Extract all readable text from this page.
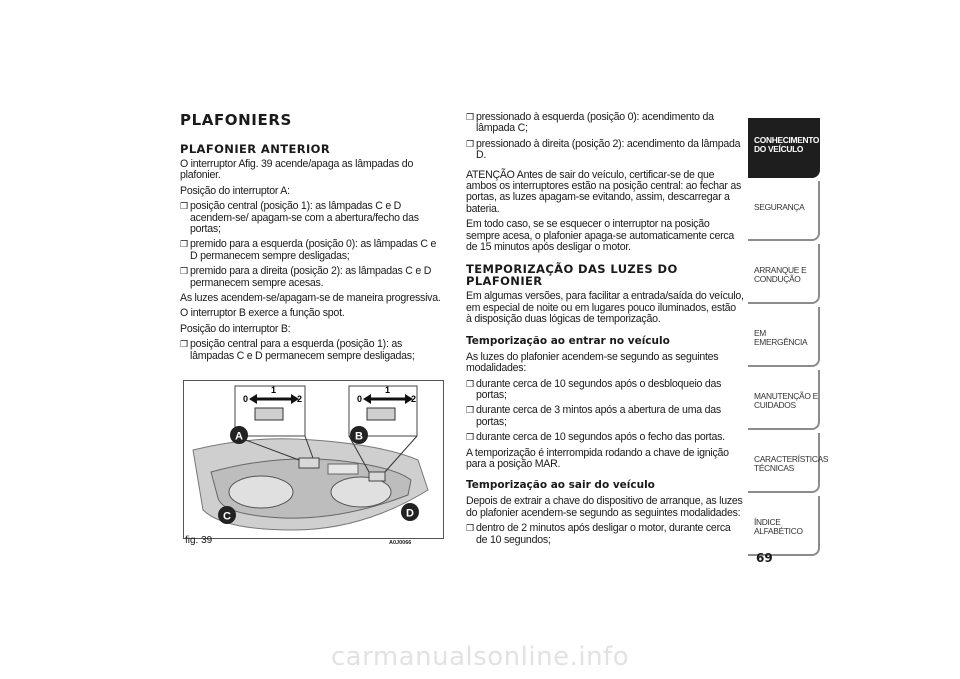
PLAFONIERS
PLAFONIER ANTERIOR

O interruptor Afig. 39 acende/apaga as lâmpadas do plafonier.

Posição do interruptor A:

❒ posição central (posição 1): as lâmpadas C e D acendem-se/ apagam-se com a abertura/fecho das portas;

❒ premido para a esquerda (posição 0): as lâmpadas C e D permanecem sempre desligadas;

❒ premido para a direita (posição 2): as lâmpadas C e D permanecem sempre acesas.

As luzes acendem-se/apagam-se de maneira progressiva.

O interruptor B exerce a função spot.

Posição do interruptor B:

❒ posição central para a esquerda (posição 1): as lâmpadas C e D permanecem sempre desligadas;

0
1
2	0
1
2
A	B
C	D
fig. 39	A0J0066

❒ pressionado à esquerda (posição 0): acendimento da lâmpada C;

❒ pressionado à direita (posição 2): acendimento da lâmpada D.

ATENÇÃO Antes de sair do veículo, certificar-se de que ambos os interruptores estão na posição central: ao fechar as portas, as luzes apagam-se evitando, assim, descarregar a bateria.

Em todo caso, se se esquecer o interruptor na posição sempre acesa, o plafonier apaga-se automaticamente cerca de 15 minutos após desligar o motor.

TEMPORIZAÇÃO DAS LUZES DO PLAFONIER

Em algumas versões, para facilitar a entrada/saída do veículo, em especial de noite ou em lugares pouco iluminados, estão à disposição duas lógicas de temporização.

Temporização ao entrar no veículo

As luzes do plafonier acendem-se segundo as seguintes modalidades:

❒ durante cerca de 10 segundos após o desbloqueio das portas;

❒ durante cerca de 3 mintos após a abertura de uma das portas;

❒ durante cerca de 10 segundos após o fecho das portas.

A temporização é interrompida rodando a chave de ignição para a posição MAR.

Temporização ao sair do veículo

Depois de extrair a chave do dispositivo de arranque, as luzes do plafonier acendem-se segundo as seguintes modalidades:

❒ dentro de 2 minutos após desligar o motor, durante cerca de 10 segundos;

CONHECIMENTO DO VEÍCULO
SEGURANÇA
ARRANQUE E CONDUÇÃO
EM EMERGÊNCIA
MANUTENÇÃO E CUIDADOS
CARACTERÍSTICAS TÉCNICAS
ÍNDICE ALFABÉTICO
69
carmanualsonline.info
